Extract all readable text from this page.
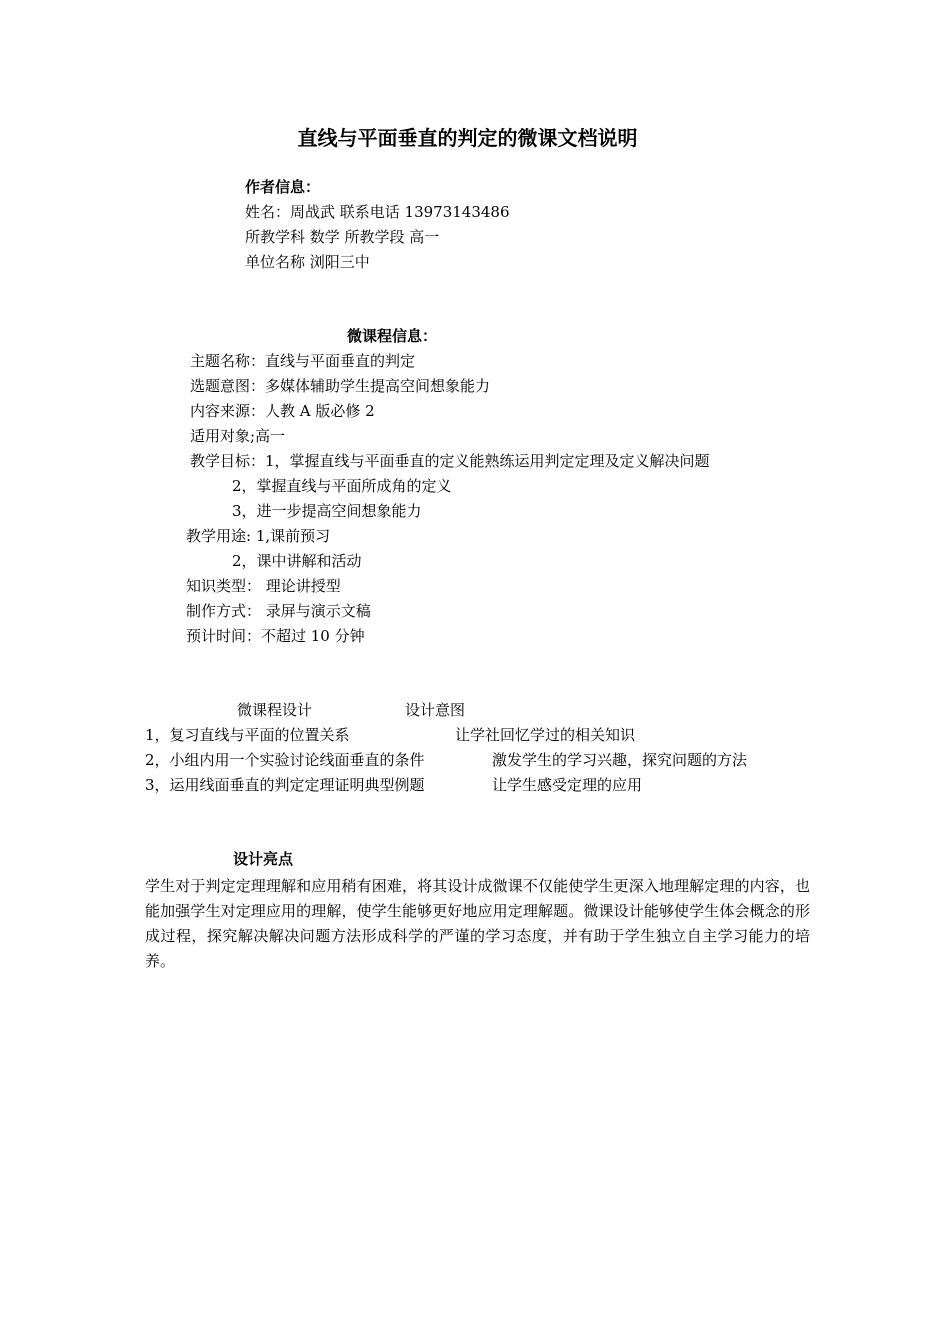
直线与平面垂直的判定的微课文档说明
作者信息：
姓名：周战武 联系电话 13973143486
所教学科 数学 所教学段 高一
单位名称 浏阳三中
微课程信息：
主题名称：直线与平面垂直的判定
选题意图：多媒体辅助学生提高空间想象能力
内容来源：人教 A 版必修 2
适用对象;高一
教学目标：1，掌握直线与平面垂直的定义能熟练运用判定定理及定义解决问题
2，掌握直线与平面所成角的定义
3，进一步提高空间想象能力
教学用途: 1,课前预习
2，课中讲解和活动
知识类型： 理论讲授型
制作方式： 录屏与演示文稿
预计时间：不超过 10 分钟
微课程设计	设计意图
1，复习直线与平面的位置关系	让学社回忆学过的相关知识
2，小组内用一个实验讨论线面垂直的条件	激发学生的学习兴趣，探究问题的方法
3，运用线面垂直的判定定理证明典型例题	让学生感受定理的应用
设计亮点
学生对于判定定理理解和应用稍有困难，将其设计成微课不仅能使学生更深入地理解定理的内容，也能加强学生对定理应用的理解，使学生能够更好地应用定理解题。微课设计能够使学生体会概念的形成过程，探究解决解决问题方法形成科学的严谨的学习态度，并有助于学生独立自主学习能力的培养。
